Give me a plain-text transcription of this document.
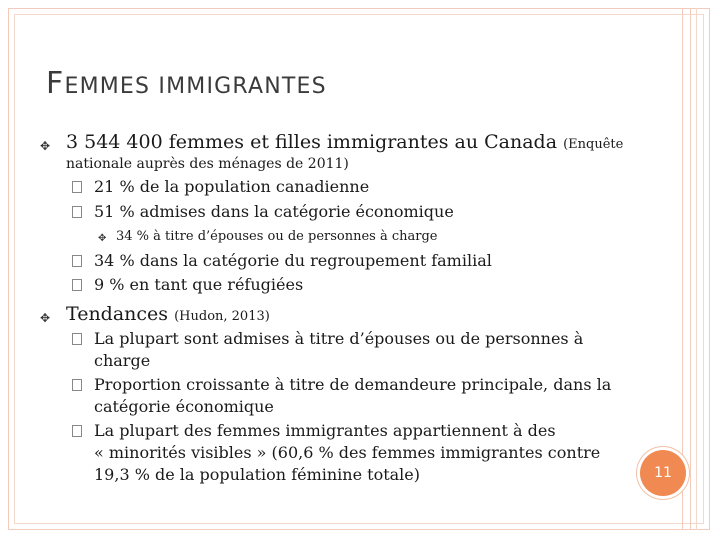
FEMMES IMMIGRANTES
✥ 3 544 400 femmes et filles immigrantes au Canada (Enquête
nationale auprès des ménages de 2011)
21 % de la population canadienne
51 % admises dans la catégorie économique
✥ 34 % à titre d’épouses ou de personnes à charge
34 % dans la catégorie du regroupement familial
9 % en tant que réfugiées
✥ Tendances (Hudon, 2013)
La plupart sont admises à titre d’épouses ou de personnes à
charge
Proportion croissante à titre de demandeure principale, dans la
catégorie économique
La plupart des femmes immigrantes appartiennent à des
« minorités visibles » (60,6 % des femmes immigrantes contre
19,3 % de la population féminine totale)	11
